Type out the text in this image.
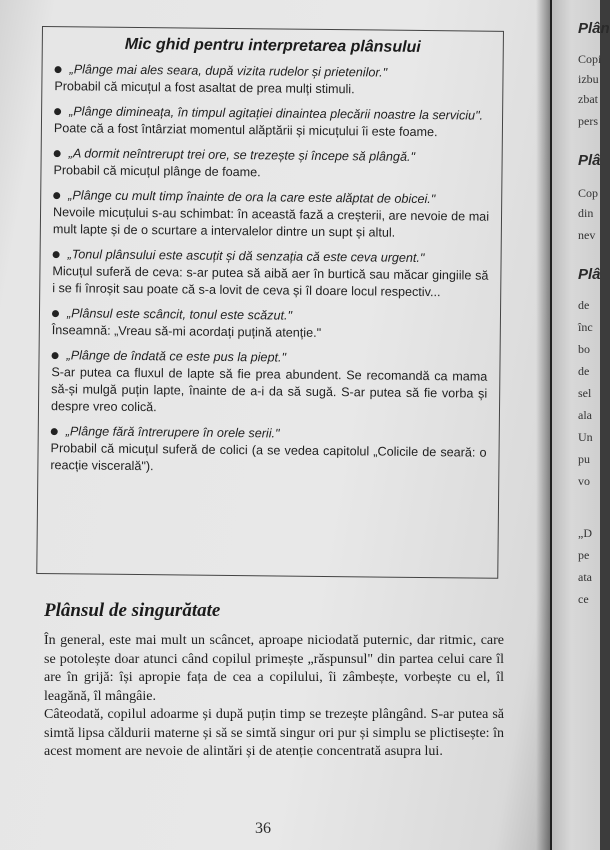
Mic ghid pentru interpretarea plânsului
„Plânge mai ales seara, după vizita rudelor și prietenilor."
Probabil că micuțul a fost asaltat de prea mulți stimuli.
„Plânge dimineața, în timpul agitației dinaintea plecării noastre la serviciu".
Poate că a fost întârziat momentul alăptării și micuțului îi este foame.
„A dormit neîntrerupt trei ore, se trezește și începe să plângă."
Probabil că micuțul plânge de foame.
„Plânge cu mult timp înainte de ora la care este alăptat de obicei."
Nevoile micuțului s-au schimbat: în această fază a creșterii, are nevoie de mai mult lapte și de o scurtare a intervalelor dintre un supt și altul.
„Tonul plânsului este ascuțit și dă senzația că este ceva urgent."
Micuțul suferă de ceva: s-ar putea să aibă aer în burtică sau măcar gingiile să i se fi înroșit sau poate că s-a lovit de ceva și îl doare locul respectiv...
„Plânsul este scâncit, tonul este scăzut."
Înseamnă: „Vreau să-mi acordați puțină atenție."
„Plânge de îndată ce este pus la piept."
S-ar putea ca fluxul de lapte să fie prea abundent. Se recomandă ca mama să-și mulgă puțin lapte, înainte de a-i da să sugă. S-ar putea să fie vorba și despre vreo colică.
„Plânge fără întrerupere în orele serii."
Probabil că micuțul suferă de colici (a se vedea capitolul „Colicile de seară: o reacție viscerală").
Plânsul de singurătate

În general, este mai mult un scâncet, aproape niciodată puternic, dar ritmic, care se potolește doar atunci când copilul primește „răspunsul" din partea celui care îl are în grijă: își apropie fața de cea a copilului, îi zâmbește, vorbește cu el, îl leagănă, îl mângâie.

Câteodată, copilul adoarme și după puțin timp se trezește plângând. S-ar putea să simtă lipsa căldurii materne și să se simtă singur ori pur și simplu se plictisește: în acest moment are nevoie de alintări și de atenție concentrată asupra lui.

36
Plân
Copi
izbu
zbat
pers
Plâ
Cop
din
nev
Plâ
de
înc
bo
de
sel
ala
Un
pu
vo
„D
pe
ata
ce
